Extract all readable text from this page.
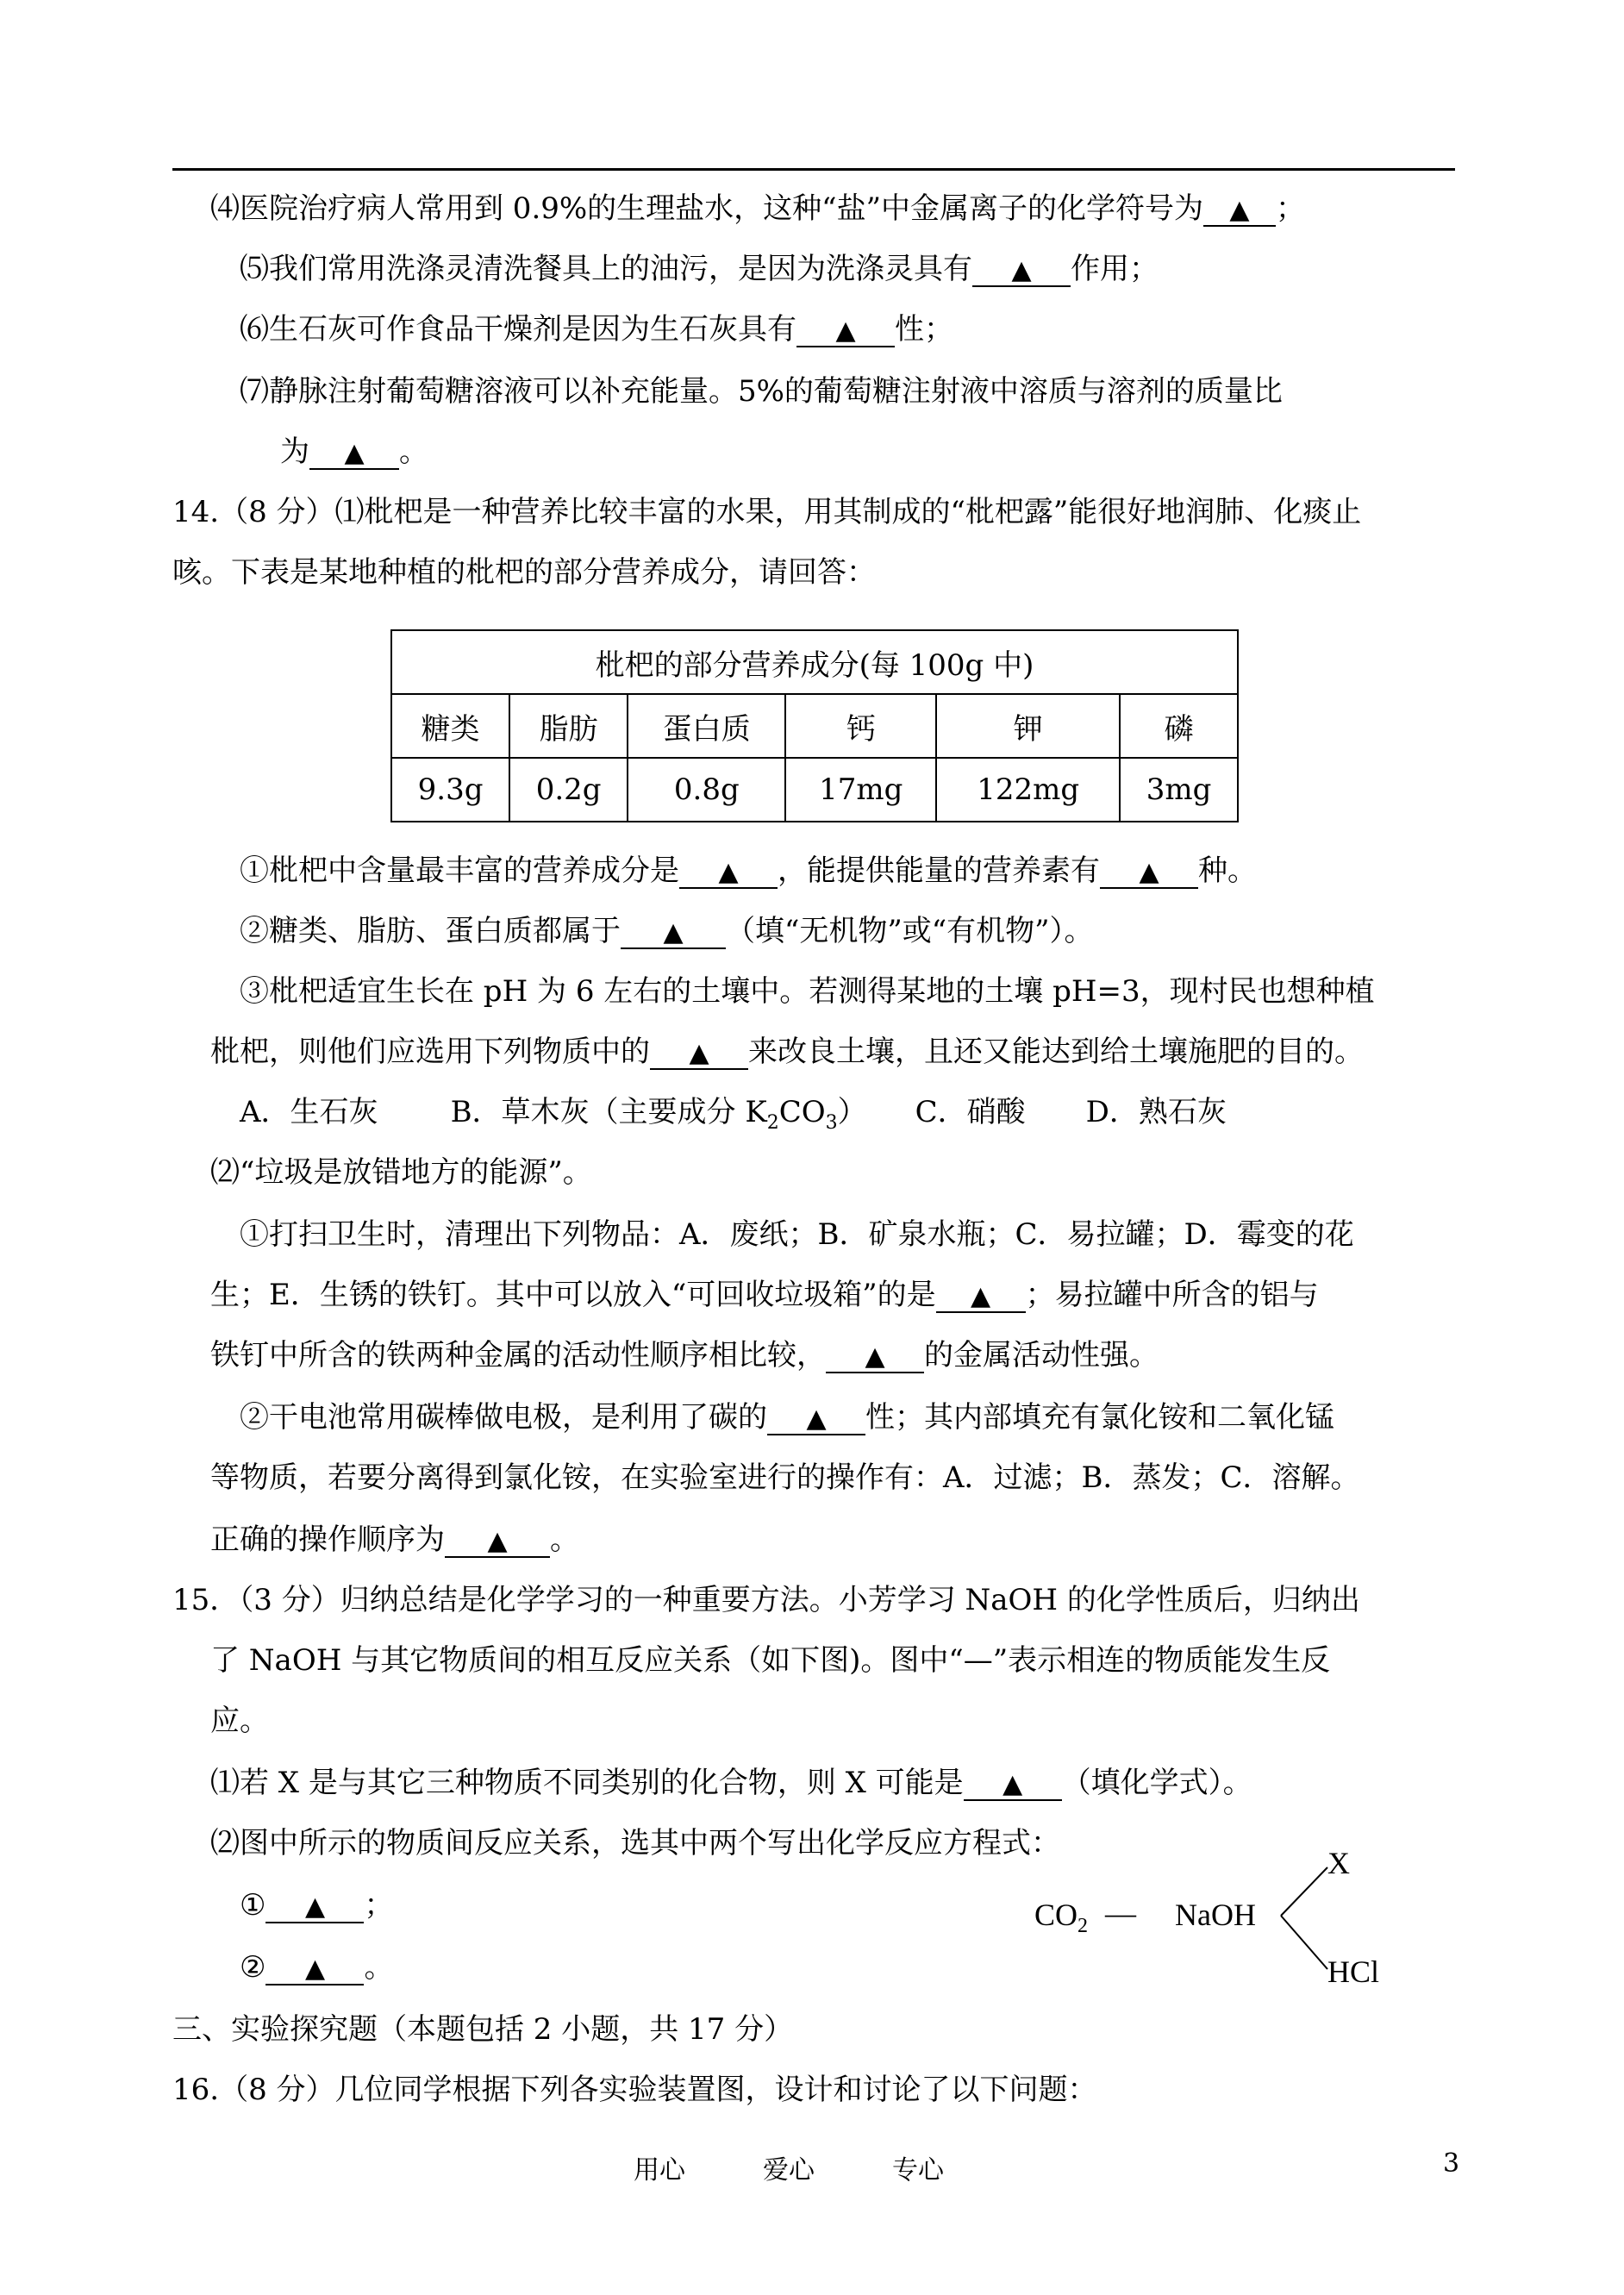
⑷医院治疗病人常用到 0.9%的生理盐水，这种“盐”中金属离子的化学符号为 ▲ ；
⑸我们常用洗涤灵清洗餐具上的油污，是因为洗涤灵具有 ▲	作用；
⑹生石灰可作食品干燥剂是因为生石灰具有 ▲	性；
⑺静脉注射葡萄糖溶液可以补充能量。5%的葡萄糖注射液中溶质与溶剂的质量比
为 ▲	。
14.（8 分）⑴枇杷是一种营养比较丰富的水果，用其制成的“枇杷露”能很好地润肺、化痰止
咳。下表是某地种植的枇杷的部分营养成分，请回答：
枇杷的部分营养成分(每 100g 中)					
糖类	脂肪	蛋白质	钙	钾	磷
9.3g	0.2g	0.8g	17mg	122mg	3mg
①枇杷中含量最丰富的营养成分是 ▲	，能提供能量的营养素有 ▲	种。
②糖类、脂肪、蛋白质都属于 ▲	（填“无机物”或“有机物”）。
③枇杷适宜生长在 pH 为 6 左右的土壤中。若测得某地的土壤 pH=3，现村民也想种植
枇杷，则他们应选用下列物质中的 ▲	来改良土壤，且还又能达到给土壤施肥的目的。
A．生石灰 B．草木灰（主要成分 $K_2CO_3$） C．硝酸 D．熟石灰
⑵“垃圾是放错地方的能源”。
①打扫卫生时，清理出下列物品：A．废纸；B．矿泉水瓶；C．易拉罐；D．霉变的花
生；E．生锈的铁钉。其中可以放入“可回收垃圾箱”的是 ▲	；易拉罐中所含的铝与
铁钉中所含的铁两种金属的活动性顺序相比较， ▲	的金属活动性强。
②干电池常用碳棒做电极，是利用了碳的 ▲	性；其内部填充有氯化铵和二氧化锰
等物质，若要分离得到氯化铵，在实验室进行的操作有：A．过滤；B．蒸发；C．溶解。
正确的操作顺序为 ▲	。
15．（3 分）归纳总结是化学学习的一种重要方法。小芳学习 NaOH 的化学性质后，归纳出
了 NaOH 与其它物质间的相互反应关系（如下图)。图中“—”表示相连的物质能发生反
应。
⑴若 X 是与其它三种物质不同类别的化合物，则 X 可能是 ▲	（填化学式）。
⑵图中所示的物质间反应关系，选其中两个写出化学反应方程式：
① ▲	；
② ▲	。
X
$CO_2$ — NaOH
HCl
三、实验探究题（本题包括 2 小题，共 17 分）
16.（8 分）几位同学根据下列各实验装置图，设计和讨论了以下问题：
用心　　　爱心　　　专心	3
